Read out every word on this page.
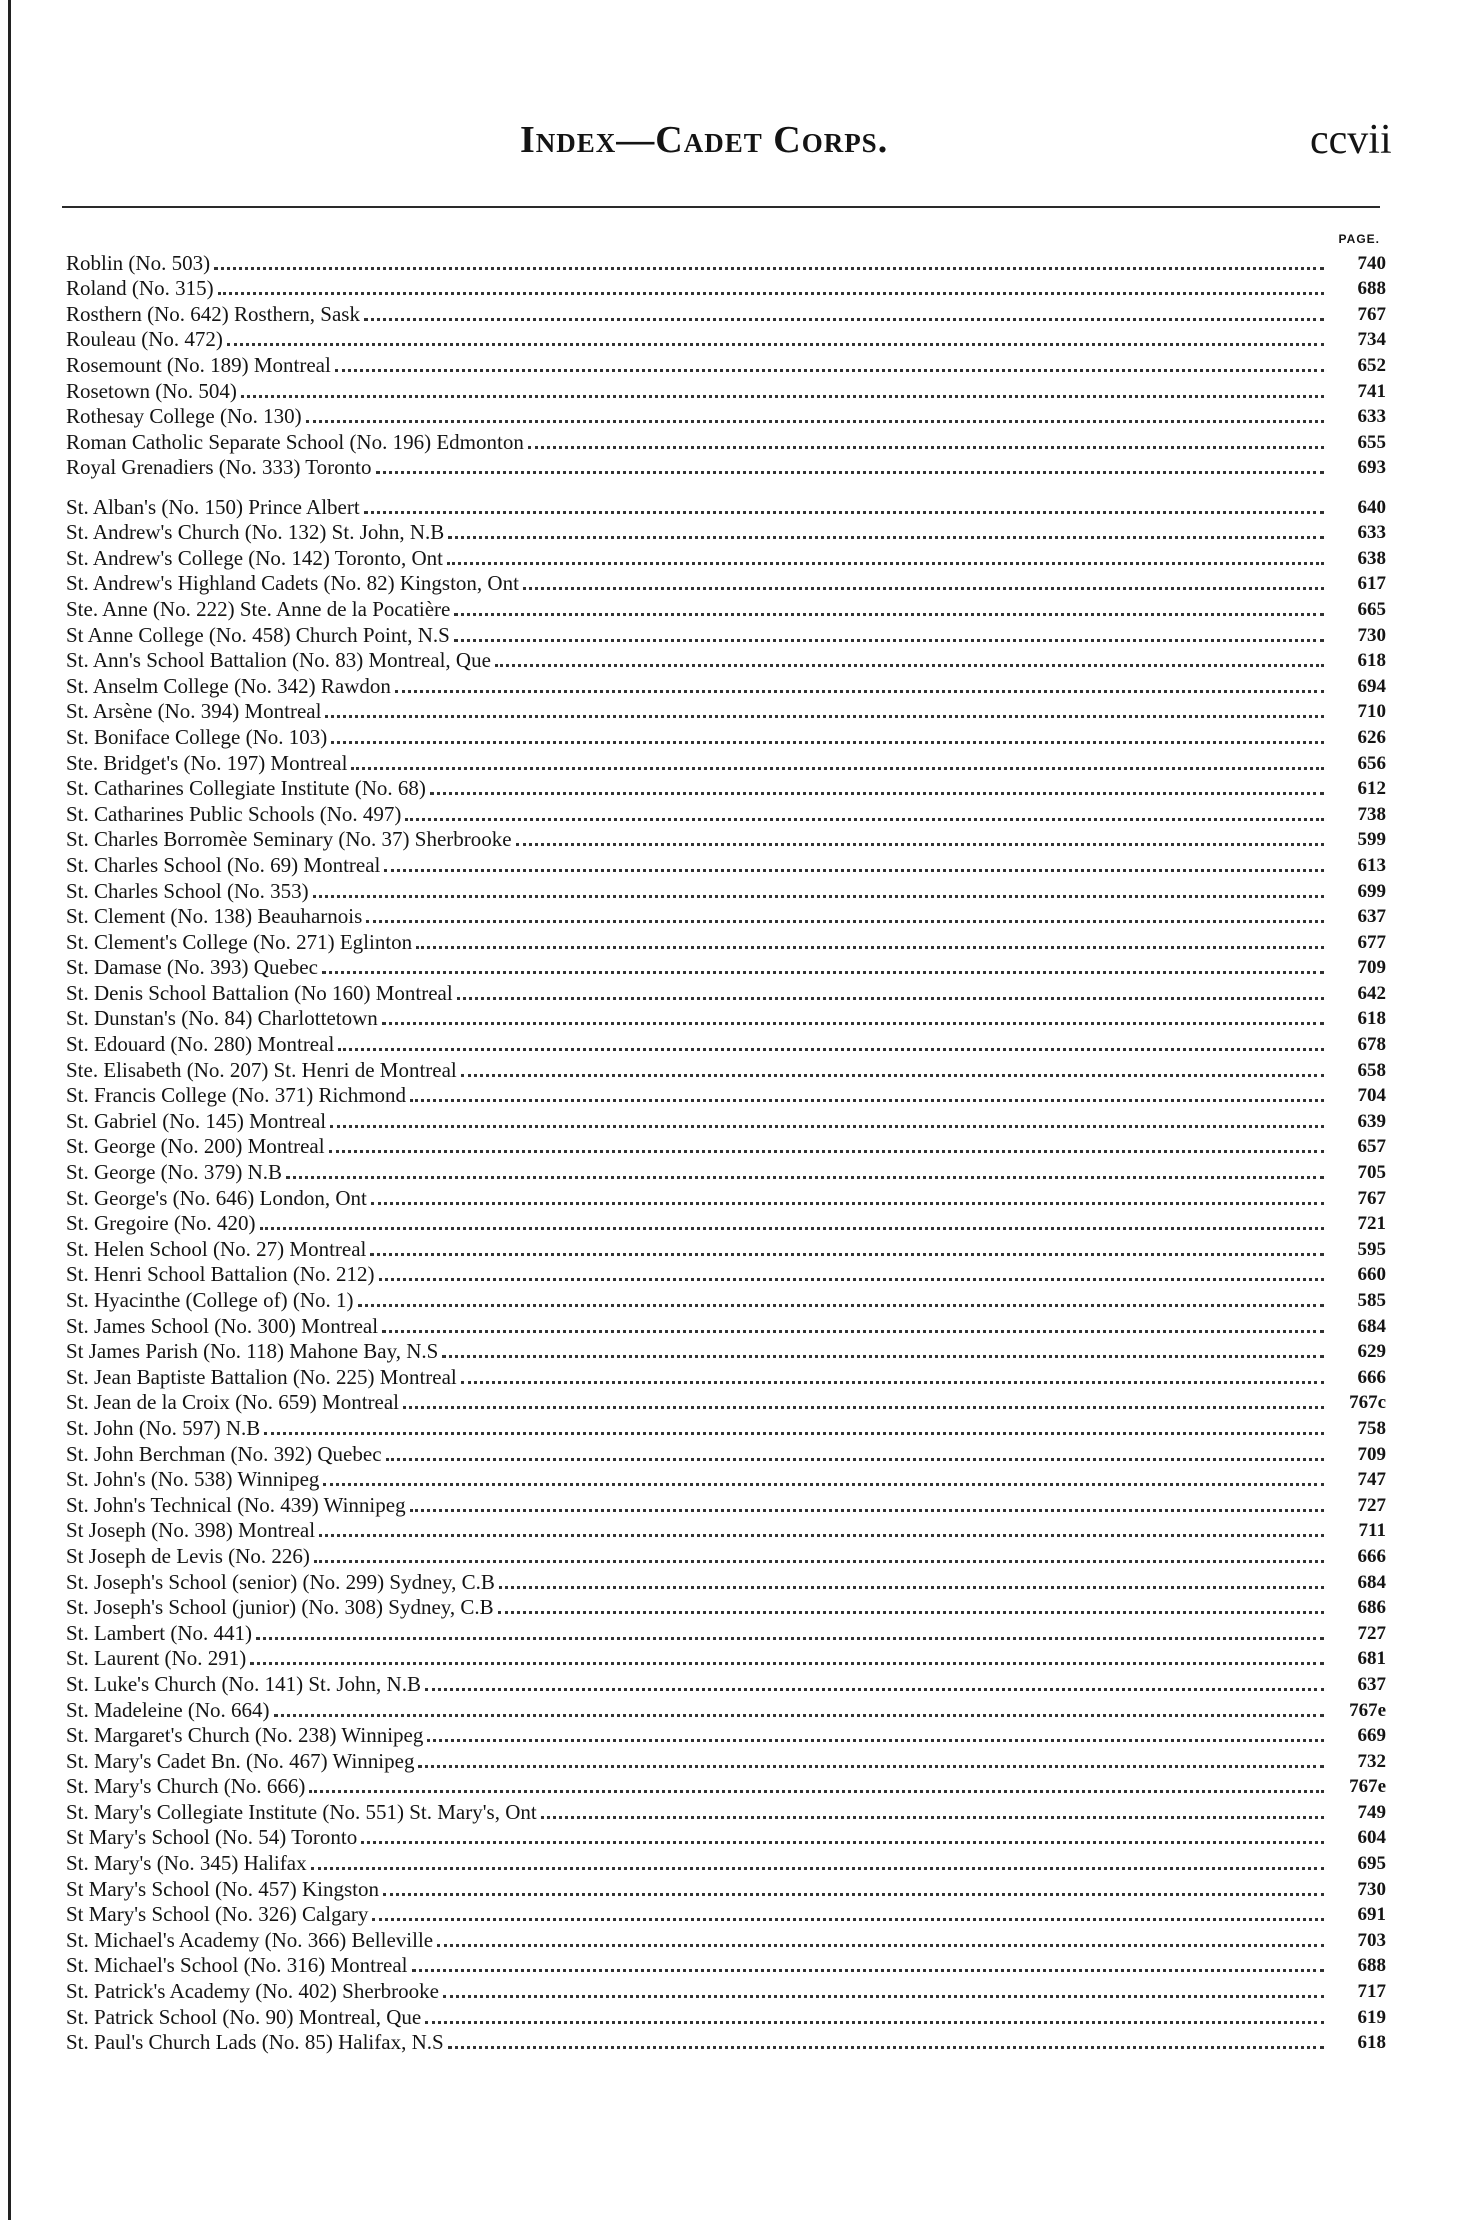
Index—Cadet Corps.	ccvii
PAGE.
Roblin (No. 503)	740
Roland (No. 315)	688
Rosthern (No. 642) Rosthern, Sask	767
Rouleau (No. 472)	734
Rosemount (No. 189) Montreal	652
Rosetown (No. 504)	741
Rothesay College (No. 130)	633
Roman Catholic Separate School (No. 196) Edmonton	655
Royal Grenadiers (No. 333) Toronto	693
St. Alban's (No. 150) Prince Albert	640
St. Andrew's Church (No. 132) St. John, N.B	633
St. Andrew's College (No. 142) Toronto, Ont	638
St. Andrew's Highland Cadets (No. 82) Kingston, Ont	617
Ste. Anne (No. 222) Ste. Anne de la Pocatière	665
St Anne College (No. 458) Church Point, N.S	730
St. Ann's School Battalion (No. 83) Montreal, Que	618
St. Anselm College (No. 342) Rawdon	694
St. Arsène (No. 394) Montreal	710
St. Boniface College (No. 103)	626
Ste. Bridget's (No. 197) Montreal	656
St. Catharines Collegiate Institute (No. 68)	612
St. Catharines Public Schools (No. 497)	738
St. Charles Borromèe Seminary (No. 37) Sherbrooke	599
St. Charles School (No. 69) Montreal	613
St. Charles School (No. 353)	699
St. Clement (No. 138) Beauharnois	637
St. Clement's College (No. 271) Eglinton	677
St. Damase (No. 393) Quebec	709
St. Denis School Battalion (No 160) Montreal	642
St. Dunstan's (No. 84) Charlottetown	618
St. Edouard (No. 280) Montreal	678
Ste. Elisabeth (No. 207) St. Henri de Montreal	658
St. Francis College (No. 371) Richmond	704
St. Gabriel (No. 145) Montreal	639
St. George (No. 200) Montreal	657
St. George (No. 379) N.B	705
St. George's (No. 646) London, Ont	767
St. Gregoire (No. 420)	721
St. Helen School (No. 27) Montreal	595
St. Henri School Battalion (No. 212)	660
St. Hyacinthe (College of) (No. 1)	585
St. James School (No. 300) Montreal	684
St James Parish (No. 118) Mahone Bay, N.S	629
St. Jean Baptiste Battalion (No. 225) Montreal	666
St. Jean de la Croix (No. 659) Montreal	767c
St. John (No. 597) N.B	758
St. John Berchman (No. 392) Quebec	709
St. John's (No. 538) Winnipeg	747
St. John's Technical (No. 439) Winnipeg	727
St Joseph (No. 398) Montreal	711
St Joseph de Levis (No. 226)	666
St. Joseph's School (senior) (No. 299) Sydney, C.B	684
St. Joseph's School (junior) (No. 308) Sydney, C.B	686
St. Lambert (No. 441)	727
St. Laurent (No. 291)	681
St. Luke's Church (No. 141) St. John, N.B	637
St. Madeleine (No. 664)	767e
St. Margaret's Church (No. 238) Winnipeg	669
St. Mary's Cadet Bn. (No. 467) Winnipeg	732
St. Mary's Church (No. 666)	767e
St. Mary's Collegiate Institute (No. 551) St. Mary's, Ont	749
St Mary's School (No. 54) Toronto	604
St. Mary's (No. 345) Halifax	695
St Mary's School (No. 457) Kingston	730
St Mary's School (No. 326) Calgary	691
St. Michael's Academy (No. 366) Belleville	703
St. Michael's School (No. 316) Montreal	688
St. Patrick's Academy (No. 402) Sherbrooke	717
St. Patrick School (No. 90) Montreal, Que	619
St. Paul's Church Lads (No. 85) Halifax, N.S	618
